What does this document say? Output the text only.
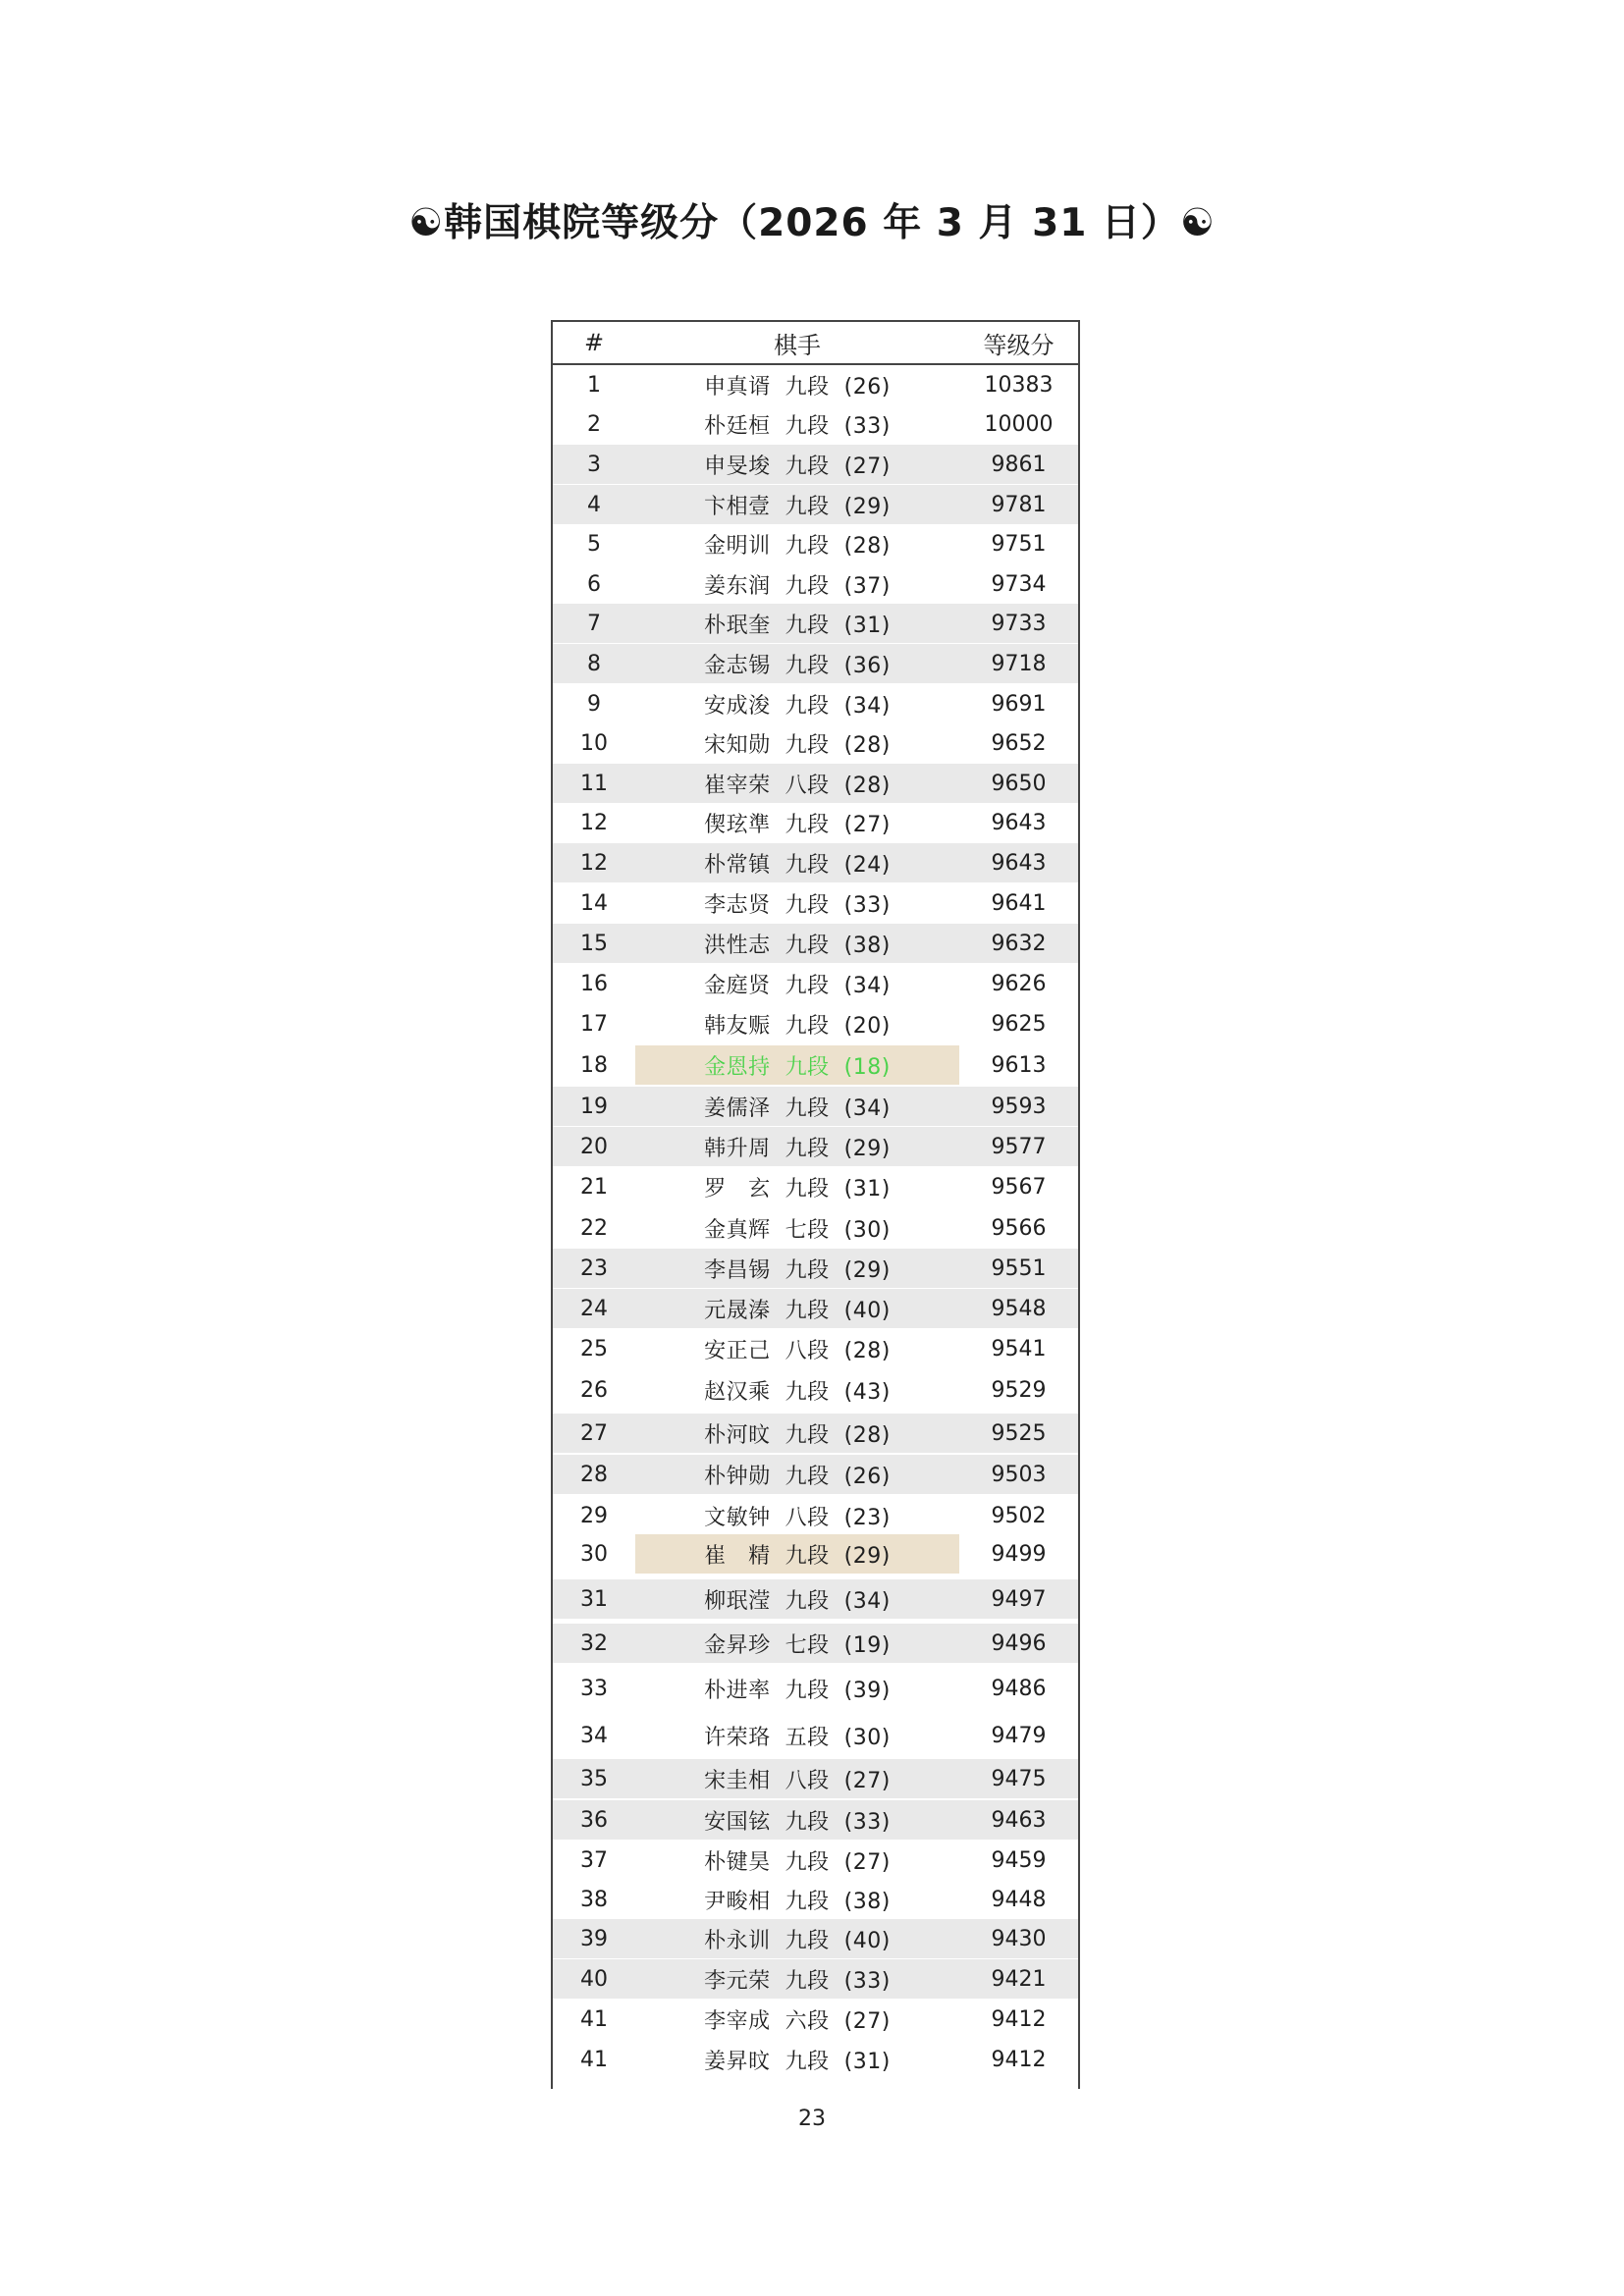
☯韩国棋院等级分（2026 年 3 月 31 日）☯
#	棋手	等级分
1	申真谞  九段  (26)	10383
2	朴廷桓  九段  (33)	10000
3	申旻埈  九段  (27)	9861
4	卞相壹  九段  (29)	9781
5	金明训  九段  (28)	9751
6	姜东润  九段  (37)	9734
7	朴珉奎  九段  (31)	9733
8	金志锡  九段  (36)	9718
9	安成浚  九段  (34)	9691
10	宋知勋  九段  (28)	9652
11	崔宰荣  八段  (28)	9650
12	偰玹準  九段  (27)	9643
12	朴常镇  九段  (24)	9643
14	李志贤  九段  (33)	9641
15	洪性志  九段  (38)	9632
16	金庭贤  九段  (34)	9626
17	韩友赈  九段  (20)	9625
18	金恩持  九段  (18)	9613
19	姜儒泽  九段  (34)	9593
20	韩升周  九段  (29)	9577
21	罗   玄  九段  (31)	9567
22	金真辉  七段  (30)	9566
23	李昌锡  九段  (29)	9551
24	元晟溱  九段  (40)	9548
25	安正己  八段  (28)	9541
26	赵汉乘  九段  (43)	9529
27	朴河旼  九段  (28)	9525
28	朴钟勋  九段  (26)	9503
29	文敏钟  八段  (23)	9502
30	崔   精  九段  (29)	9499
31	柳珉滢  九段  (34)	9497
32	金昇珍  七段  (19)	9496
33	朴进率  九段  (39)	9486
34	许荣珞  五段  (30)	9479
35	宋圭相  八段  (27)	9475
36	安国铉  九段  (33)	9463
37	朴键昊  九段  (27)	9459
38	尹畯相  九段  (38)	9448
39	朴永训  九段  (40)	9430
40	李元荣  九段  (33)	9421
41	李宰成  六段  (27)	9412
41	姜昇旼  九段  (31)	9412
23
